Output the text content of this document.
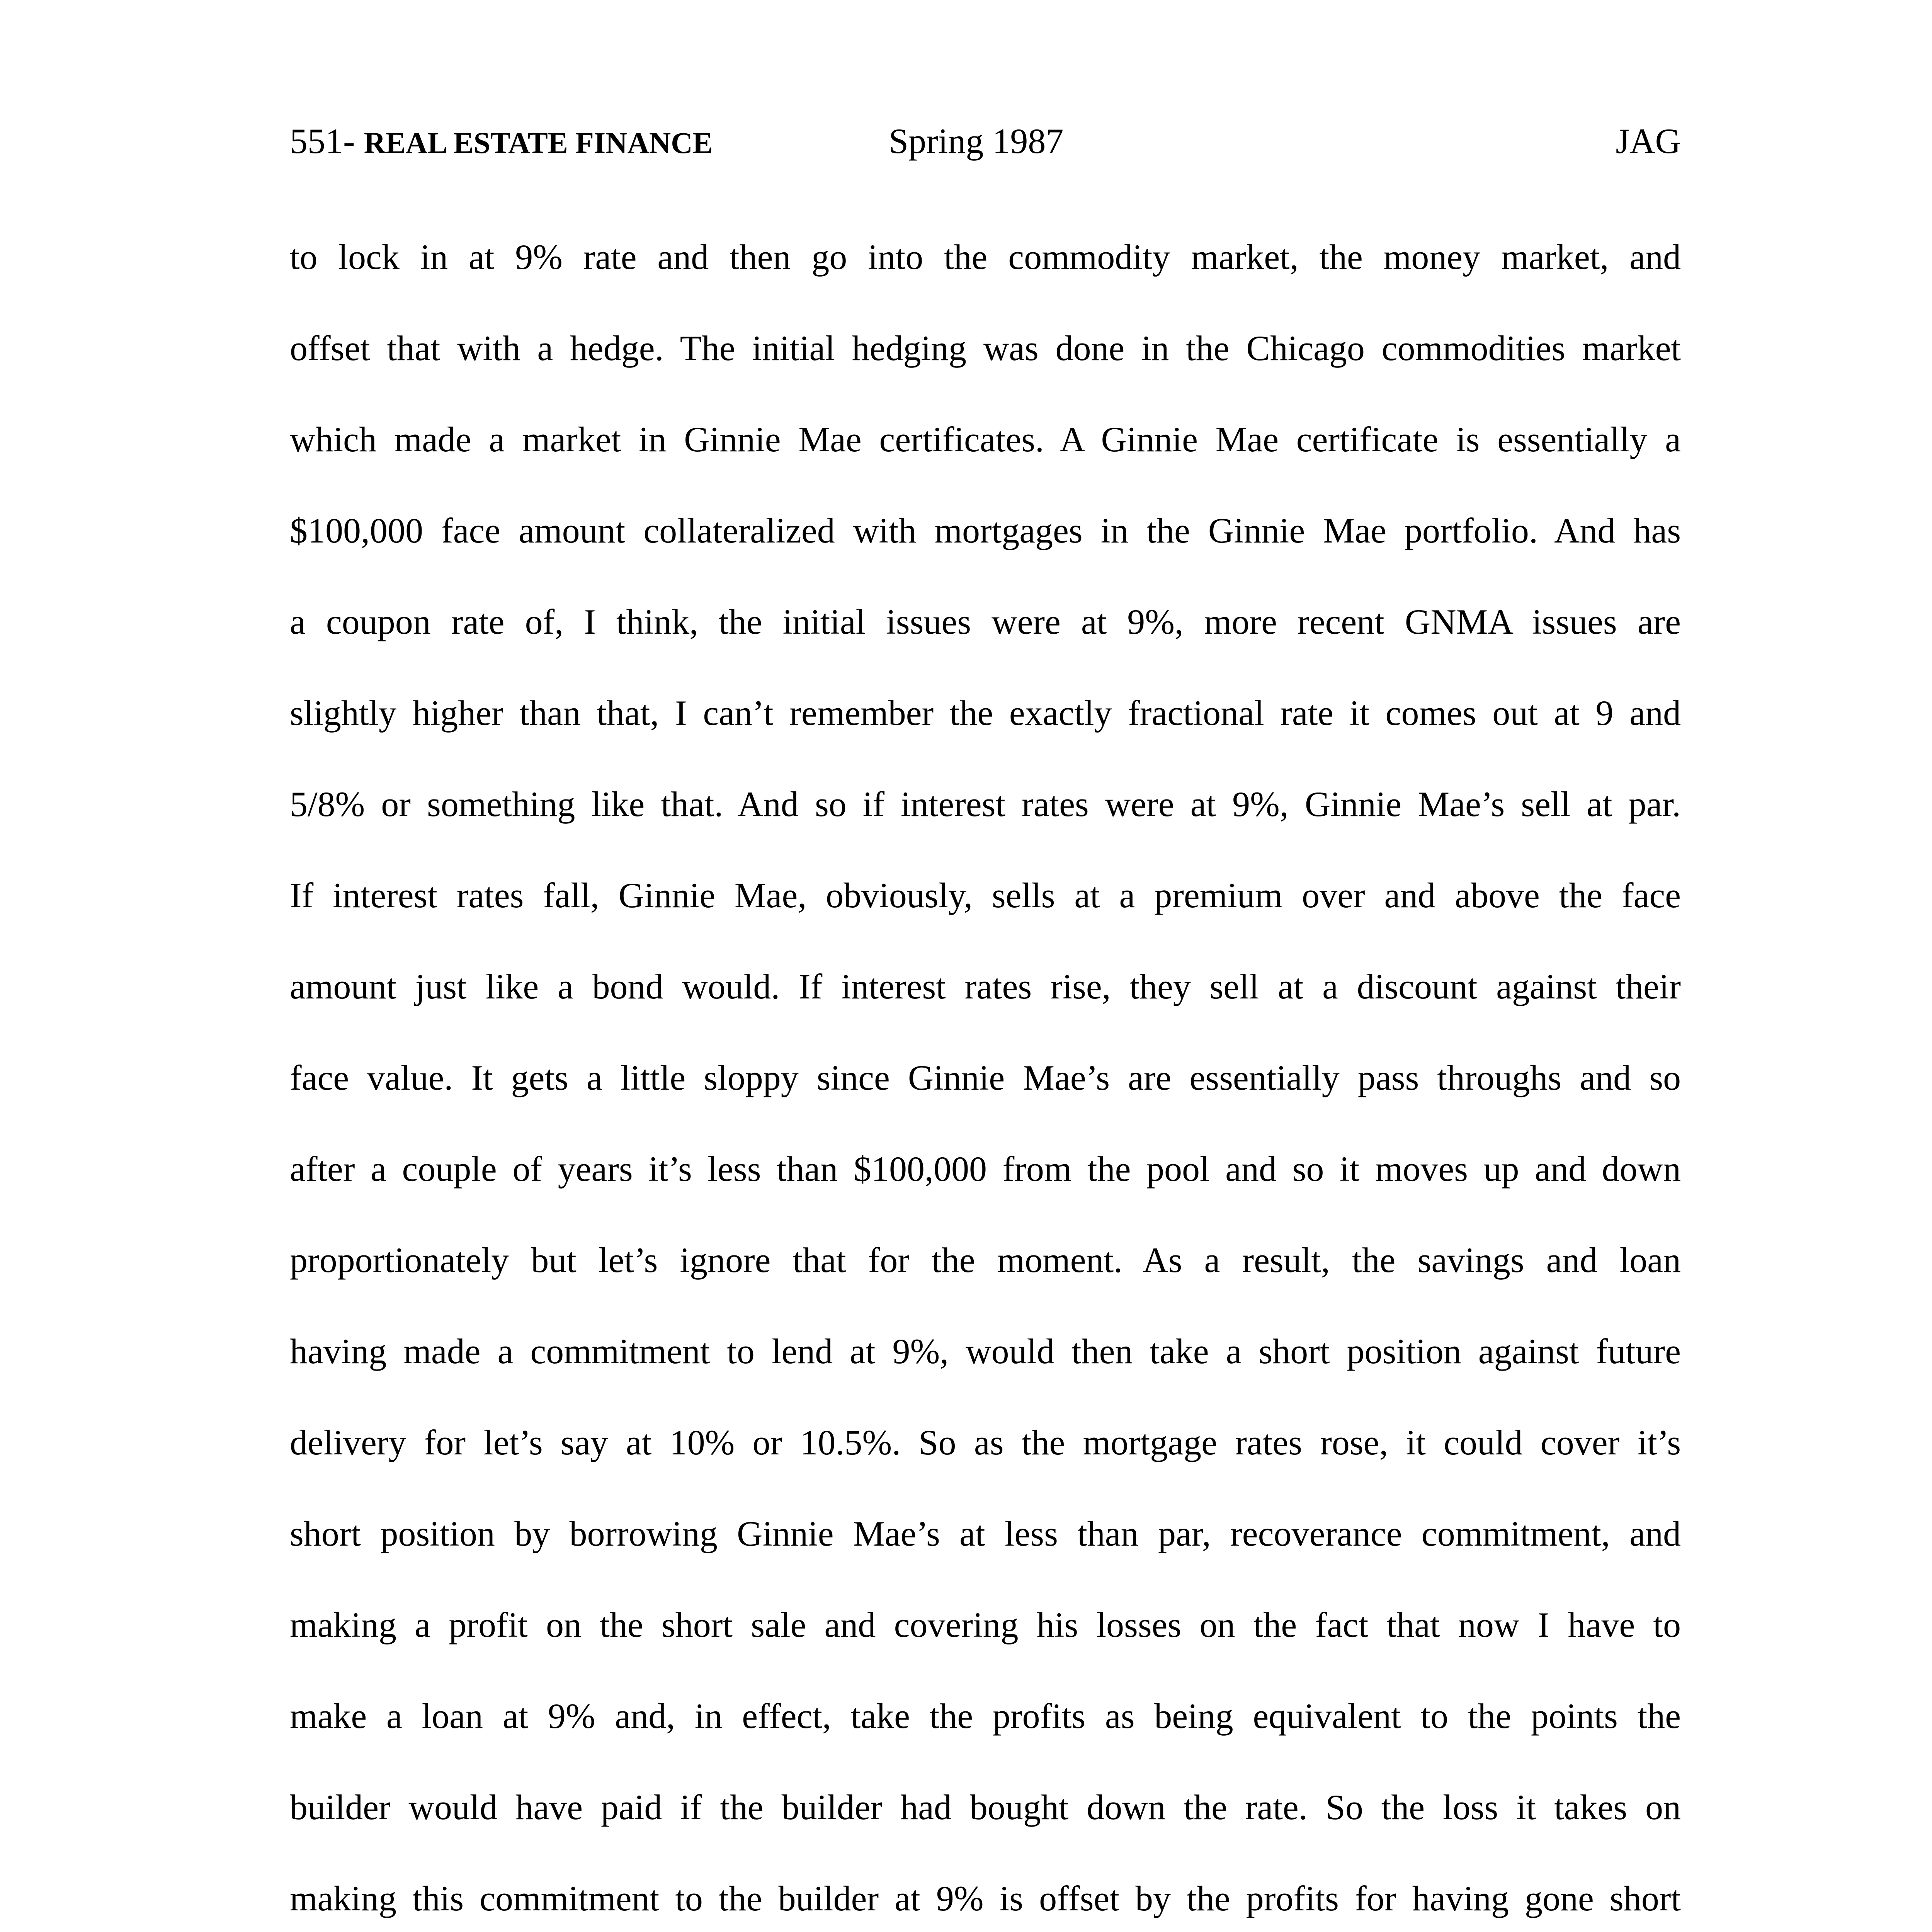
551- REAL ESTATE FINANCE	Spring 1987	JAG
to lock in at 9% rate and then go into the commodity market, the money market, and
offset that with a hedge. The initial hedging was done in the Chicago commodities market
which made a market in Ginnie Mae certificates. A Ginnie Mae certificate is essentially a
$100,000 face amount collateralized with mortgages in the Ginnie Mae portfolio. And has
a coupon rate of, I think, the initial issues were at 9%, more recent GNMA issues are
slightly higher than that, I can’t remember the exactly fractional rate it comes out at 9 and
5/8% or something like that. And so if interest rates were at 9%, Ginnie Mae’s sell at par.
If interest rates fall, Ginnie Mae, obviously, sells at a premium over and above the face
amount just like a bond would. If interest rates rise, they sell at a discount against their
face value. It gets a little sloppy since Ginnie Mae’s are essentially pass throughs and so
after a couple of years it’s less than $100,000 from the pool and so it moves up and down
proportionately but let’s ignore that for the moment. As a result, the savings and loan
having made a commitment to lend at 9%, would then take a short position against future
delivery for let’s say at 10% or 10.5%. So as the mortgage rates rose, it could cover it’s
short position by borrowing Ginnie Mae’s at less than par, recoverance commitment, and
making a profit on the short sale and covering his losses on the fact that now I have to
make a loan at 9% and, in effect, take the profits as being equivalent to the points the
builder would have paid if the builder had bought down the rate. So the loss it takes on
making this commitment to the builder at 9% is offset by the profits for having gone short
